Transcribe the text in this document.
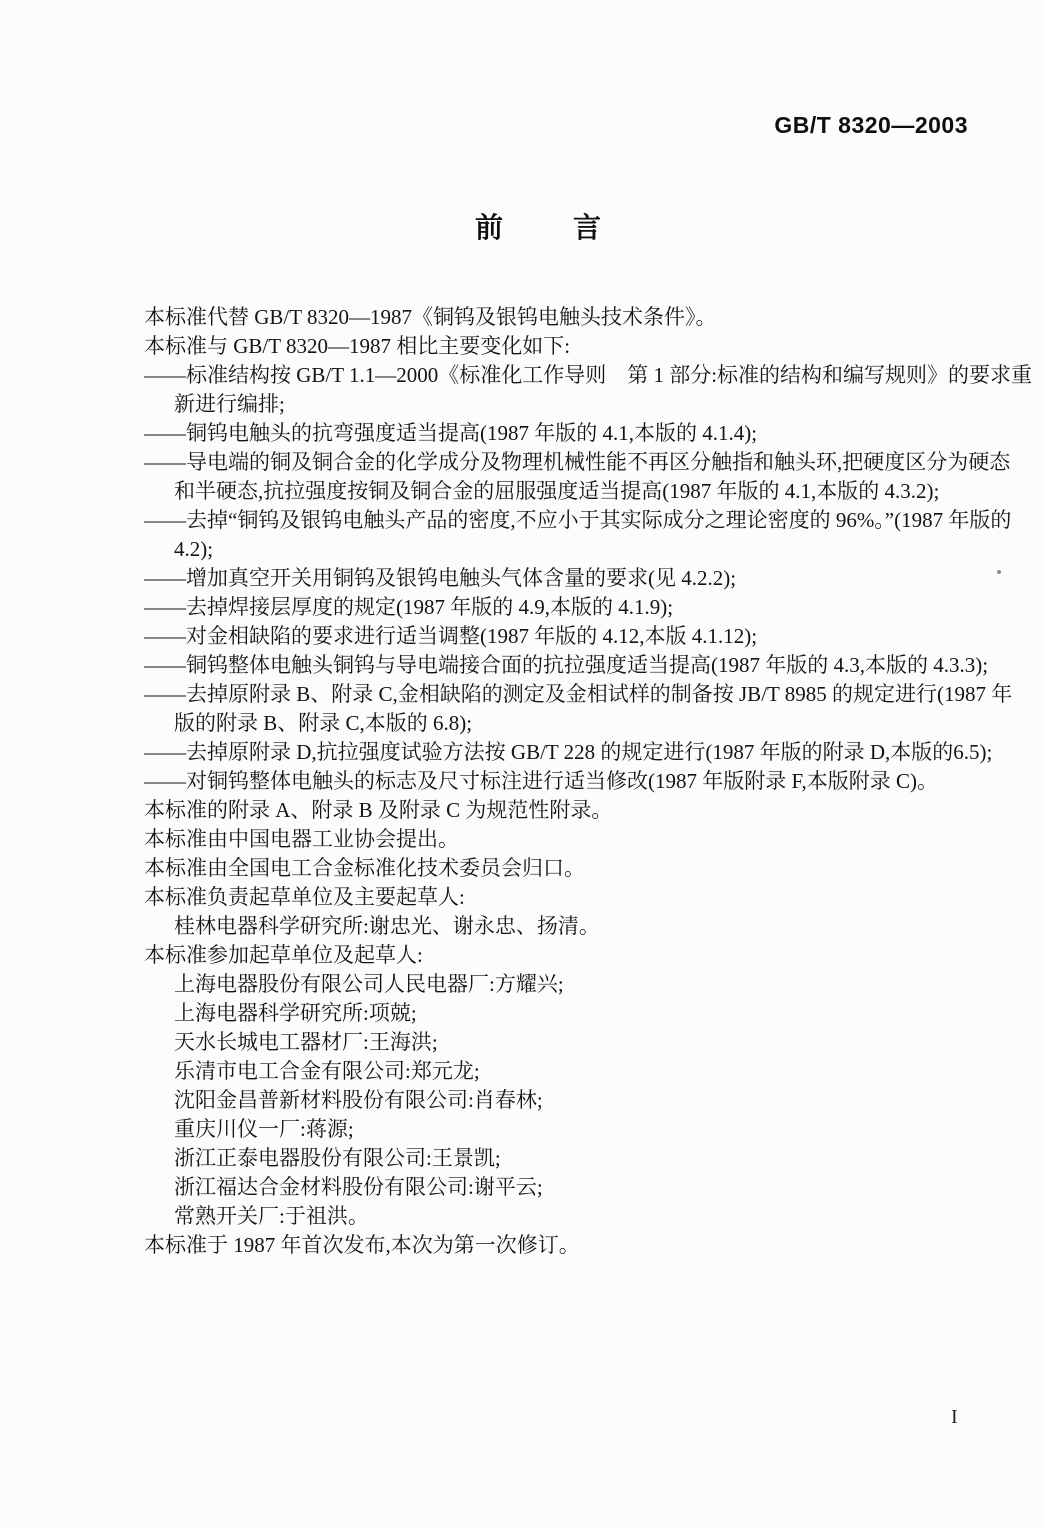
GB/T 8320—2003
前言

本标准代替 GB/T 8320—1987《铜钨及银钨电触头技术条件》。

本标准与 GB/T 8320—1987 相比主要变化如下:

——标准结构按 GB/T 1.1—2000《标准化工作导则　第 1 部分:标准的结构和编写规则》的要求重

新进行编排;

——铜钨电触头的抗弯强度适当提高(1987 年版的 4.1,本版的 4.1.4);

——导电端的铜及铜合金的化学成分及物理机械性能不再区分触指和触头环,把硬度区分为硬态

和半硬态,抗拉强度按铜及铜合金的屈服强度适当提高(1987 年版的 4.1,本版的 4.3.2);

——去掉“铜钨及银钨电触头产品的密度,不应小于其实际成分之理论密度的 96%。”(1987 年版的

4.2);

——增加真空开关用铜钨及银钨电触头气体含量的要求(见 4.2.2);

——去掉焊接层厚度的规定(1987 年版的 4.9,本版的 4.1.9);

——对金相缺陷的要求进行适当调整(1987 年版的 4.12,本版 4.1.12);

——铜钨整体电触头铜钨与导电端接合面的抗拉强度适当提高(1987 年版的 4.3,本版的 4.3.3);

——去掉原附录 B、附录 C,金相缺陷的测定及金相试样的制备按 JB/T 8985 的规定进行(1987 年

版的附录 B、附录 C,本版的 6.8);

——去掉原附录 D,抗拉强度试验方法按 GB/T 228 的规定进行(1987 年版的附录 D,本版的6.5);

——对铜钨整体电触头的标志及尺寸标注进行适当修改(1987 年版附录 F,本版附录 C)。

本标准的附录 A、附录 B 及附录 C 为规范性附录。

本标准由中国电器工业协会提出。

本标准由全国电工合金标准化技术委员会归口。

本标准负责起草单位及主要起草人:

桂林电器科学研究所:谢忠光、谢永忠、扬清。

本标准参加起草单位及起草人:

上海电器股份有限公司人民电器厂:方耀兴;

上海电器科学研究所:项兢;

天水长城电工器材厂:王海洪;

乐清市电工合金有限公司:郑元龙;

沈阳金昌普新材料股份有限公司:肖春林;

重庆川仪一厂:蒋源;

浙江正泰电器股份有限公司:王景凯;

浙江福达合金材料股份有限公司:谢平云;

常熟开关厂:于祖洪。

本标准于 1987 年首次发布,本次为第一次修订。

I
